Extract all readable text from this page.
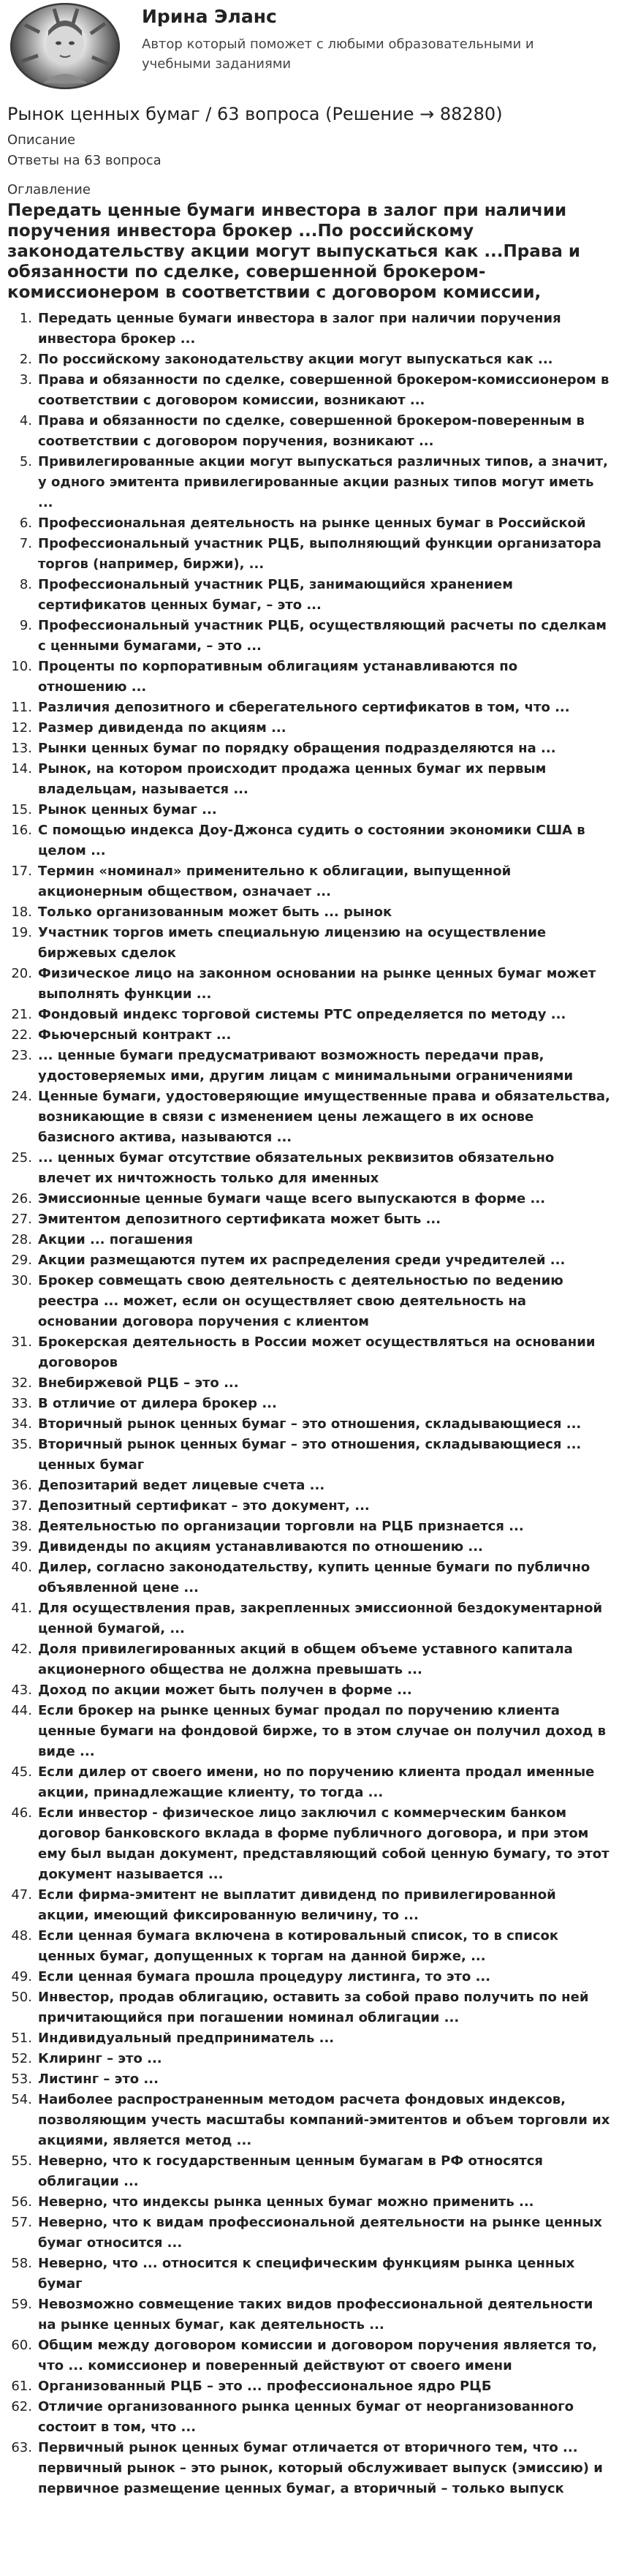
Ирина Эланс

Автор который поможет с любыми образовательными и учебными заданиями

Рынок ценных бумаг / 63 вопроса (Решение → 88280)

Описание

Ответы на 63 вопроса

Оглавление

Передать ценные бумаги инвестора в залог при наличии поручения инвестора брокер ...По российскому законодательству акции могут выпускаться как ...Права и обязанности по сделке, совершенной брокером-комиссионером в соответствии с договором комиссии,
1. Передать ценные бумаги инвестора в залог при наличии поручения инвестора брокер ...
2. По российскому законодательству акции могут выпускаться как ...
3. Права и обязанности по сделке, совершенной брокером-комиссионером в соответствии с договором комиссии, возникают ...
4. Права и обязанности по сделке, совершенной брокером-поверенным в соответствии с договором поручения, возникают ...
5. Привилегированные акции могут выпускаться различных типов, а значит, у одного эмитента привилегированные акции разных типов могут иметь ...
6. Профессиональная деятельность на рынке ценных бумаг в Российской
7. Профессиональный участник РЦБ, выполняющий функции организатора торгов (например, биржи), ...
8. Профессиональный участник РЦБ, занимающийся хранением сертификатов ценных бумаг, – это ...
9. Профессиональный участник РЦБ, осуществляющий расчеты по сделкам с ценными бумагами, – это ...
10. Проценты по корпоративным облигациям устанавливаются по отношению ...
11. Различия депозитного и сберегательного сертификатов в том, что ...
12. Размер дивиденда по акциям ...
13. Рынки ценных бумаг по порядку обращения подразделяются на ...
14. Рынок, на котором происходит продажа ценных бумаг их первым владельцам, называется ...
15. Рынок ценных бумаг ...
16. С помощью индекса Доу-Джонса судить о состоянии экономики США в целом ...
17. Термин «номинал» применительно к облигации, выпущенной акционерным обществом, означает ...
18. Только организованным может быть ... рынок
19. Участник торгов иметь специальную лицензию на осуществление биржевых сделок
20. Физическое лицо на законном основании на рынке ценных бумаг может выполнять функции ...
21. Фондовый индекс торговой системы РТС определяется по методу ...
22. Фьючерсный контракт ...
23. ... ценные бумаги предусматривают возможность передачи прав, удостоверяемых ими, другим лицам с минимальными ограничениями
24. Ценные бумаги, удостоверяющие имущественные права и обязательства, возникающие в связи с изменением цены лежащего в их основе базисного актива, называются ...
25. ... ценных бумаг отсутствие обязательных реквизитов обязательно влечет их ничтожность только для именных
26. Эмиссионные ценные бумаги чаще всего выпускаются в форме ...
27. Эмитентом депозитного сертификата может быть ...
28. Акции ... погашения
29. Акции размещаются путем их распределения среди учредителей ...
30. Брокер совмещать свою деятельность с деятельностью по ведению реестра ... может, если он осуществляет свою деятельность на основании договора поручения с клиентом
31. Брокерская деятельность в России может осуществляться на основании договоров
32. Внебиржевой РЦБ – это ...
33. В отличие от дилера брокер ...
34. Вторичный рынок ценных бумаг – это отношения, складывающиеся ...
35. Вторичный рынок ценных бумаг – это отношения, складывающиеся ... ценных бумаг
36. Депозитарий ведет лицевые счета ...
37. Депозитный сертификат – это документ, ...
38. Деятельностью по организации торговли на РЦБ признается ...
39. Дивиденды по акциям устанавливаются по отношению ...
40. Дилер, согласно законодательству, купить ценные бумаги по публично объявленной цене ...
41. Для осуществления прав, закрепленных эмиссионной бездокументарной ценной бумагой, ...
42. Доля привилегированных акций в общем объеме уставного капитала акционерного общества не должна превышать ...
43. Доход по акции может быть получен в форме ...
44. Если брокер на рынке ценных бумаг продал по поручению клиента ценные бумаги на фондовой бирже, то в этом случае он получил доход в виде ...
45. Если дилер от своего имени, но по поручению клиента продал именные акции, принадлежащие клиенту, то тогда ...
46. Если инвестор - физическое лицо заключил с коммерческим банком договор банковского вклада в форме публичного договора, и при этом ему был выдан документ, представляющий собой ценную бумагу, то этот документ называется ...
47. Если фирма-эмитент не выплатит дивиденд по привилегированной акции, имеющий фиксированную величину, то ...
48. Если ценная бумага включена в котировальный список, то в список ценных бумаг, допущенных к торгам на данной бирже, ...
49. Если ценная бумага прошла процедуру листинга, то это ...
50. Инвестор, продав облигацию, оставить за собой право получить по ней причитающийся при погашении номинал облигации ...
51. Индивидуальный предприниматель ...
52. Клиринг – это ...
53. Листинг – это ...
54. Наиболее распространенным методом расчета фондовых индексов, позволяющим учесть масштабы компаний-эмитентов и объем торговли их акциями, является метод ...
55. Неверно, что к государственным ценным бумагам в РФ относятся облигации ...
56. Неверно, что индексы рынка ценных бумаг можно применить ...
57. Неверно, что к видам профессиональной деятельности на рынке ценных бумаг относится ...
58. Неверно, что ... относится к специфическим функциям рынка ценных бумаг
59. Невозможно совмещение таких видов профессиональной деятельности на рынке ценных бумаг, как деятельность ...
60. Общим между договором комиссии и договором поручения является то, что ... комиссионер и поверенный действуют от своего имени
61. Организованный РЦБ – это ... профессиональное ядро РЦБ
62. Отличие организованного рынка ценных бумаг от неорганизованного состоит в том, что ...
63. Первичный рынок ценных бумаг отличается от вторичного тем, что ... первичный рынок – это рынок, который обслуживает выпуск (эмиссию) и первичное размещение ценных бумаг, а вторичный – только выпуск
